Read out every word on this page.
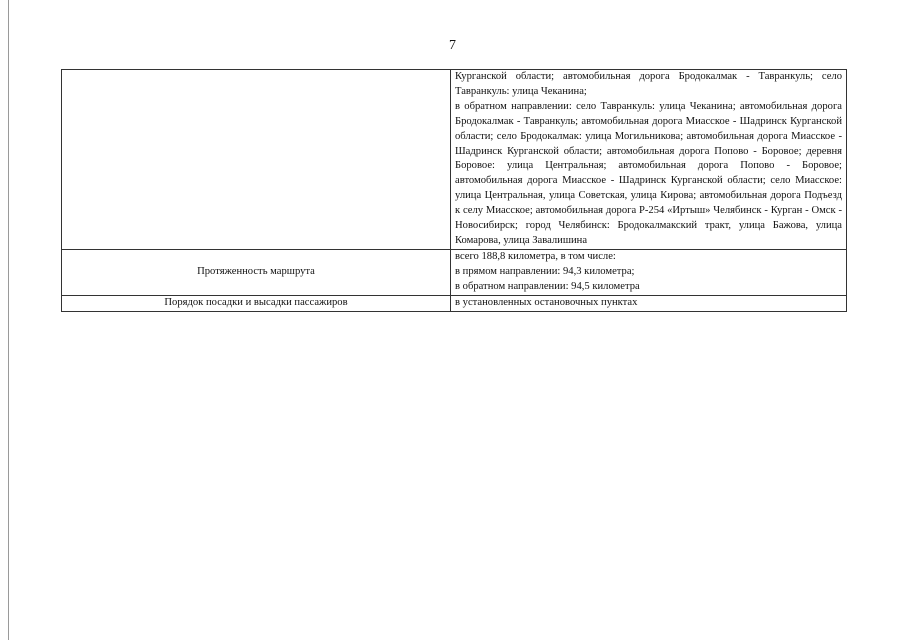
7

	Курганской области; автомобильная дорога Бродокалмак - Тавранкуль; село Тавранкуль: улица Чеканина;

в обратном направлении: село Тавранкуль: улица Чеканина; автомобильная дорога Бродокалмак - Тавранкуль; автомобильная дорога Миасское - Шадринск Курганской области; село Бродокалмак: улица Могильникова; автомобильная дорога Миасское - Шадринск Курганской области; автомобильная дорога Попово - Боровое; деревня Боровое: улица Центральная; автомобильная дорога Попово - Боровое; автомобильная дорога Миасское - Шадринск Курганской области; село Миасское: улица Центральная, улица Советская, улица Кирова; автомобильная дорога Подъезд к селу Миасское; автомобильная дорога Р-254 «Иртыш» Челябинск - Курган - Омск - Новосибирск; город Челябинск: Бродокалмакский тракт, улица Бажова, улица Комарова, улица Завалишина

Протяженность маршрута	всего 188,8 километра, в том числе:

в прямом направлении: 94,3 километра;

в обратном направлении: 94,5 километра

Порядок посадки и высадки пассажиров	в установленных остановочных пунктах
